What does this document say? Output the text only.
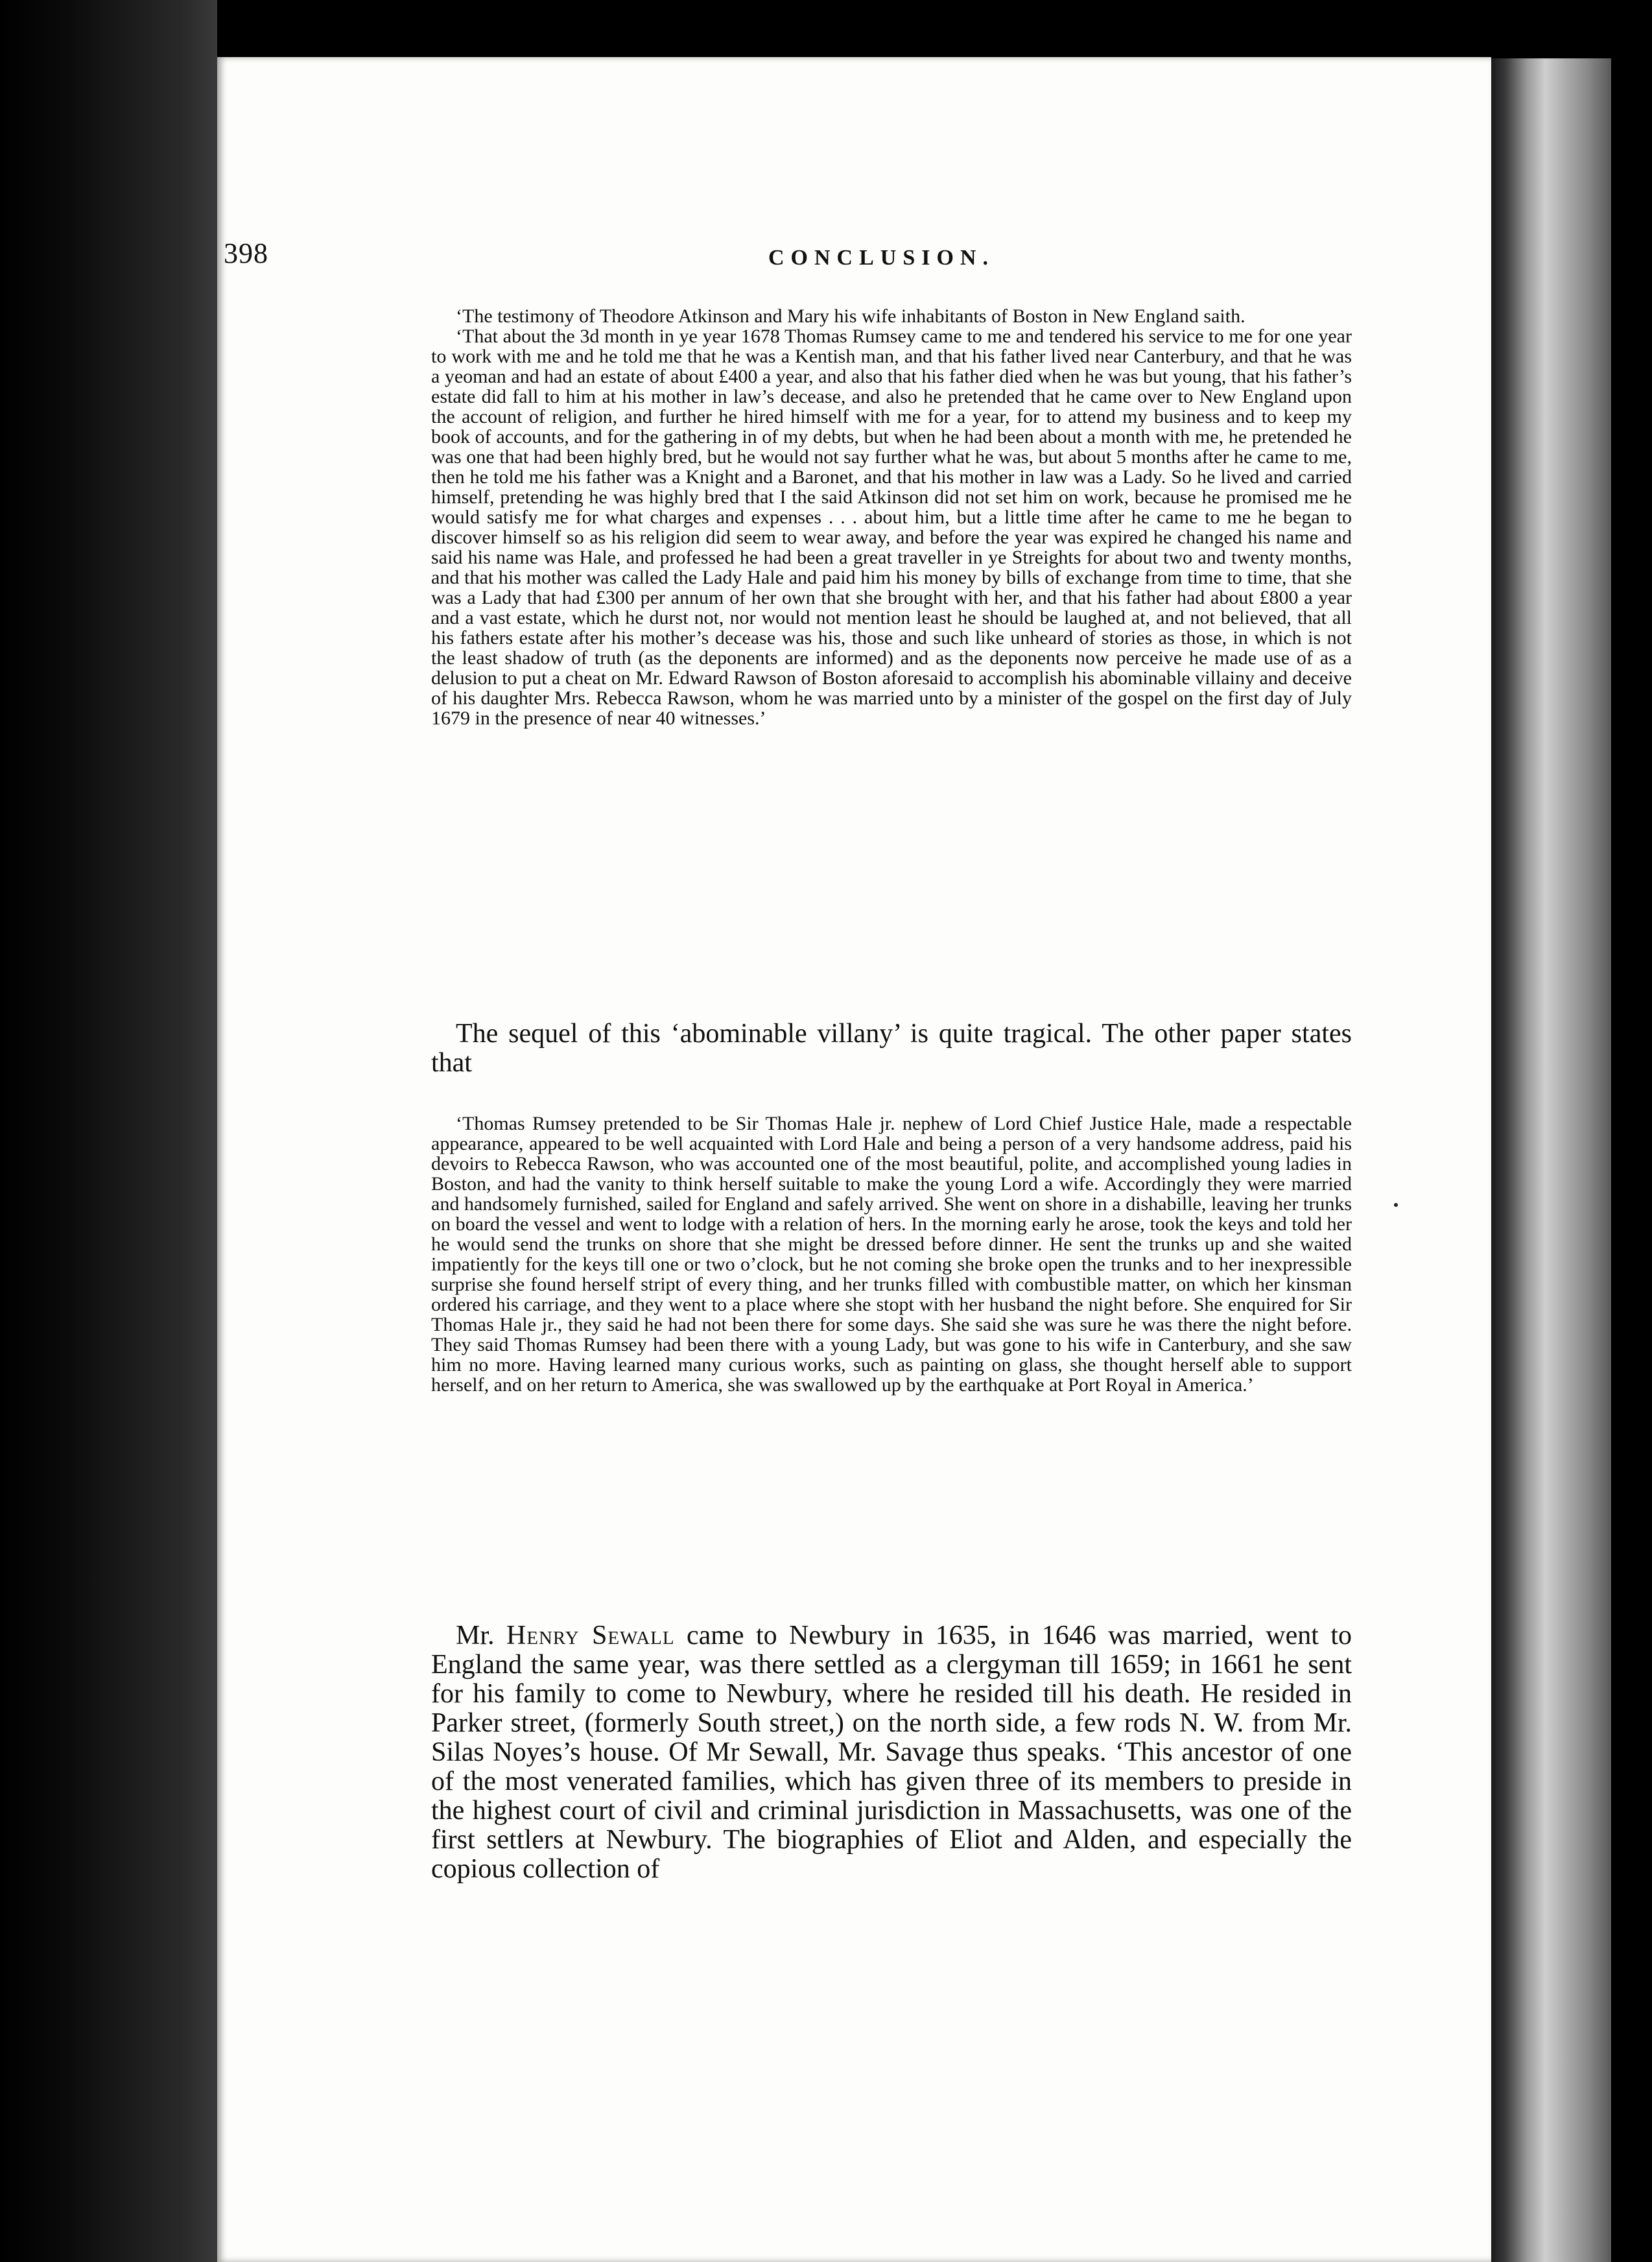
398	CONCLUSION.

‘The testimony of Theodore Atkinson and Mary his wife inhabitants of Boston in New England saith.

‘That about the 3d month in ye year 1678 Thomas Rumsey came to me and tendered his service to me for one year to work with me and he told me that he was a Kentish man, and that his father lived near Canterbury, and that he was a yeoman and had an estate of about £400 a year, and also that his father died when he was but young, that his father’s estate did fall to him at his mother in law’s decease, and also he pretended that he came over to New England upon the account of religion, and further he hired himself with me for a year, for to attend my business and to keep my book of accounts, and for the gathering in of my debts, but when he had been about a month with me, he pretended he was one that had been highly bred, but he would not say further what he was, but about 5 months after he came to me, then he told me his father was a Knight and a Baronet, and that his mother in law was a Lady. So he lived and carried himself, pretending he was highly bred that I the said Atkinson did not set him on work, because he promised me he would satisfy me for what charges and expenses . . . about him, but a little time after he came to me he began to discover himself so as his religion did seem to wear away, and before the year was expired he changed his name and said his name was Hale, and professed he had been a great traveller in ye Streights for about two and twenty months, and that his mother was called the Lady Hale and paid him his money by bills of exchange from time to time, that she was a Lady that had £300 per annum of her own that she brought with her, and that his father had about £800 a year and a vast estate, which he durst not, nor would not mention least he should be laughed at, and not believed, that all his fathers estate after his mother’s decease was his, those and such like unheard of stories as those, in which is not the least shadow of truth (as the deponents are informed) and as the deponents now perceive he made use of as a delusion to put a cheat on Mr. Edward Rawson of Boston aforesaid to accomplish his abominable villainy and deceive of his daughter Mrs. Rebecca Rawson, whom he was married unto by a minister of the gospel on the first day of July 1679 in the presence of near 40 witnesses.’

The sequel of this ‘abominable villany’ is quite tragical. The other paper states that

‘Thomas Rumsey pretended to be Sir Thomas Hale jr. nephew of Lord Chief Justice Hale, made a respectable appearance, appeared to be well acquainted with Lord Hale and being a person of a very handsome address, paid his devoirs to Rebecca Rawson, who was accounted one of the most beautiful, polite, and accomplished young ladies in Boston, and had the vanity to think herself suitable to make the young Lord a wife. Accordingly they were married and handsomely furnished, sailed for England and safely arrived. She went on shore in a dishabille, leaving her trunks on board the vessel and went to lodge with a relation of hers. In the morning early he arose, took the keys and told her he would send the trunks on shore that she might be dressed before dinner. He sent the trunks up and she waited impatiently for the keys till one or two o’clock, but he not coming she broke open the trunks and to her inexpressible surprise she found herself stript of every thing, and her trunks filled with combustible matter, on which her kinsman ordered his carriage, and they went to a place where she stopt with her husband the night before. She enquired for Sir Thomas Hale jr., they said he had not been there for some days. She said she was sure he was there the night before. They said Thomas Rumsey had been there with a young Lady, but was gone to his wife in Canterbury, and she saw him no more. Having learned many curious works, such as painting on glass, she thought herself able to support herself, and on her return to America, she was swallowed up by the earthquake at Port Royal in America.’

Mr. Henry Sewall came to Newbury in 1635, in 1646 was married, went to England the same year, was there settled as a clergyman till 1659; in 1661 he sent for his family to come to Newbury, where he resided till his death. He resided in Parker street, (formerly South street,) on the north side, a few rods N. W. from Mr. Silas Noyes’s house. Of Mr Sewall, Mr. Savage thus speaks. ‘This ancestor of one of the most venerated families, which has given three of its members to preside in the highest court of civil and criminal jurisdiction in Massachusetts, was one of the first settlers at Newbury. The biographies of Eliot and Alden, and especially the copious collection of
